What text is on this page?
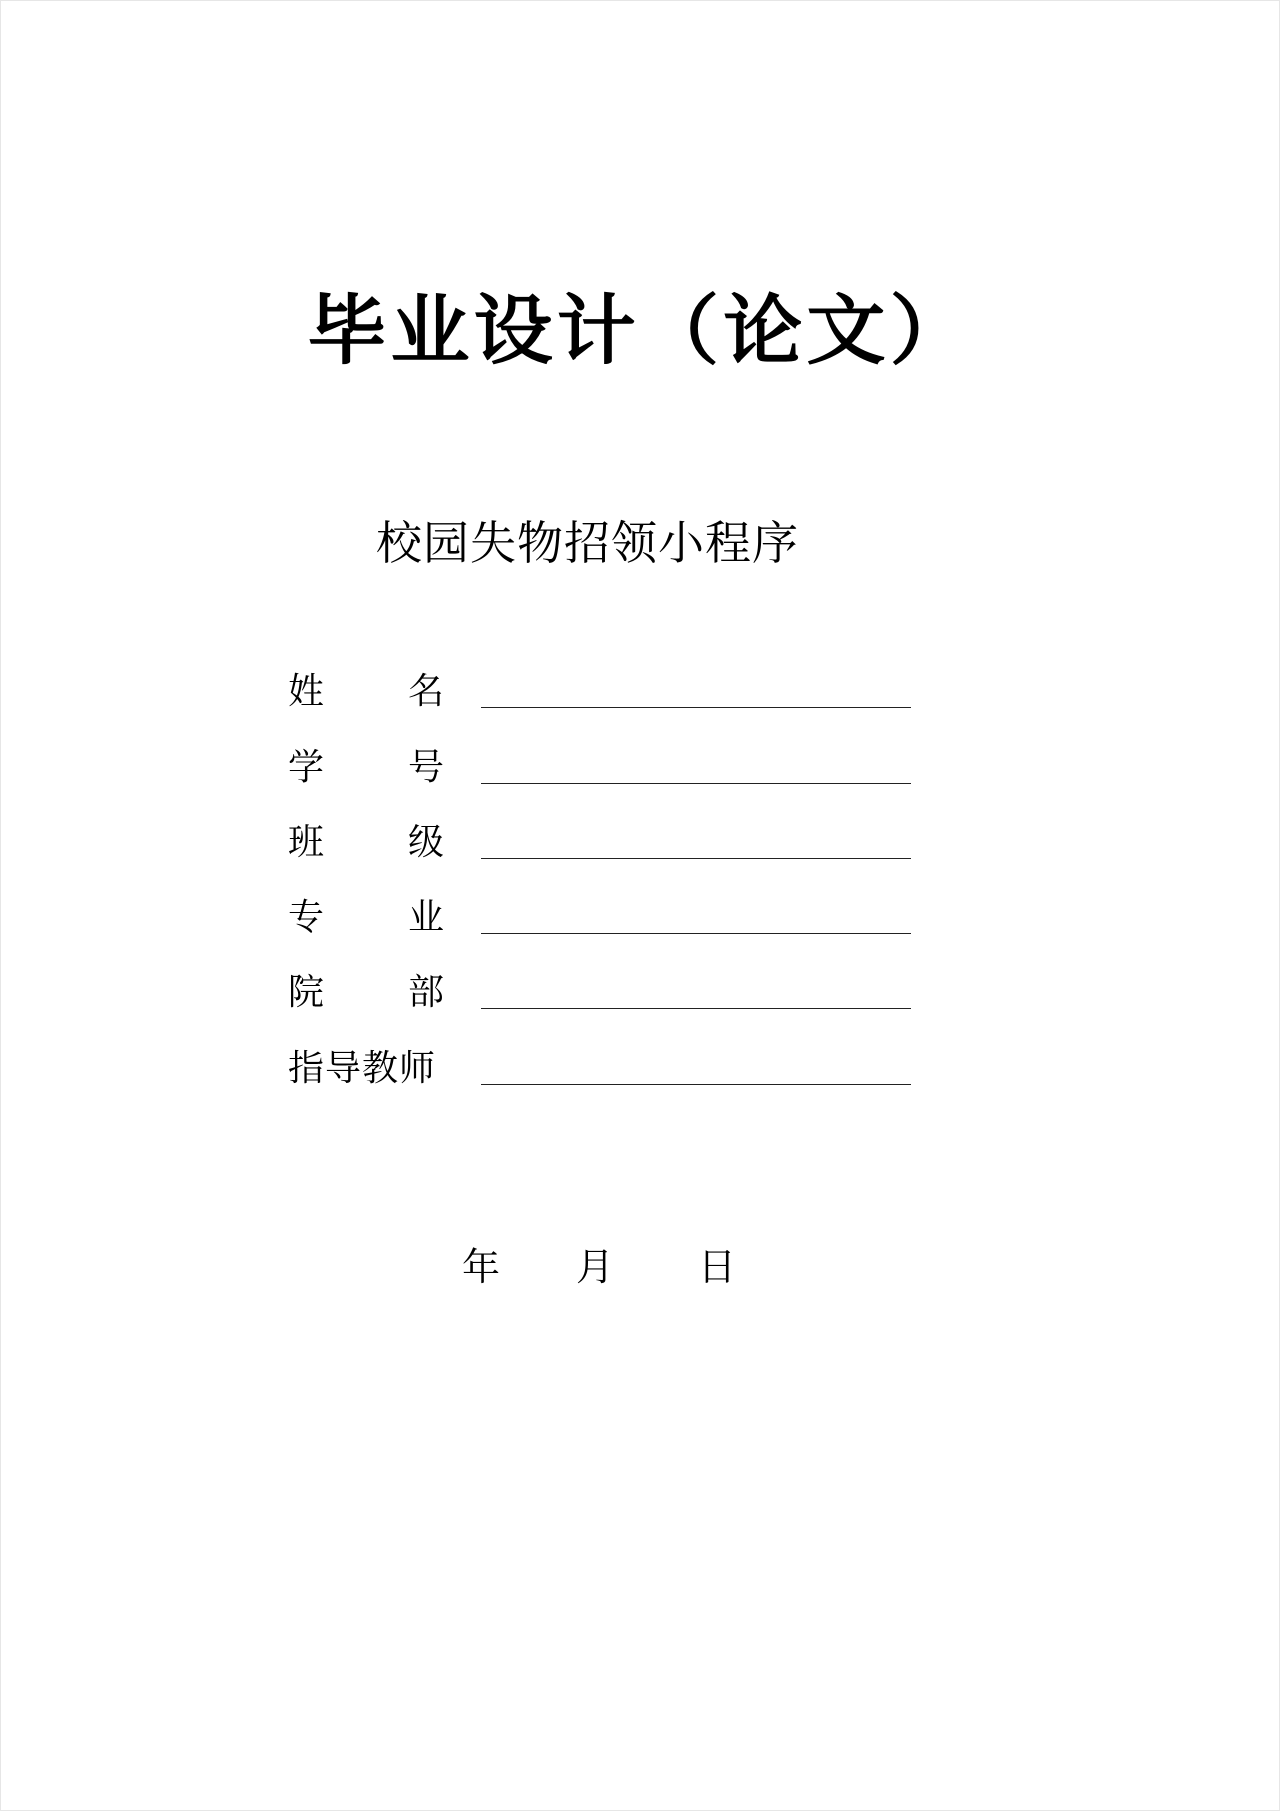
毕业设计（论文）
校园失物招领小程序
姓 名
学 号
班 级
专 业
院 部
指导教师
年 月 日
